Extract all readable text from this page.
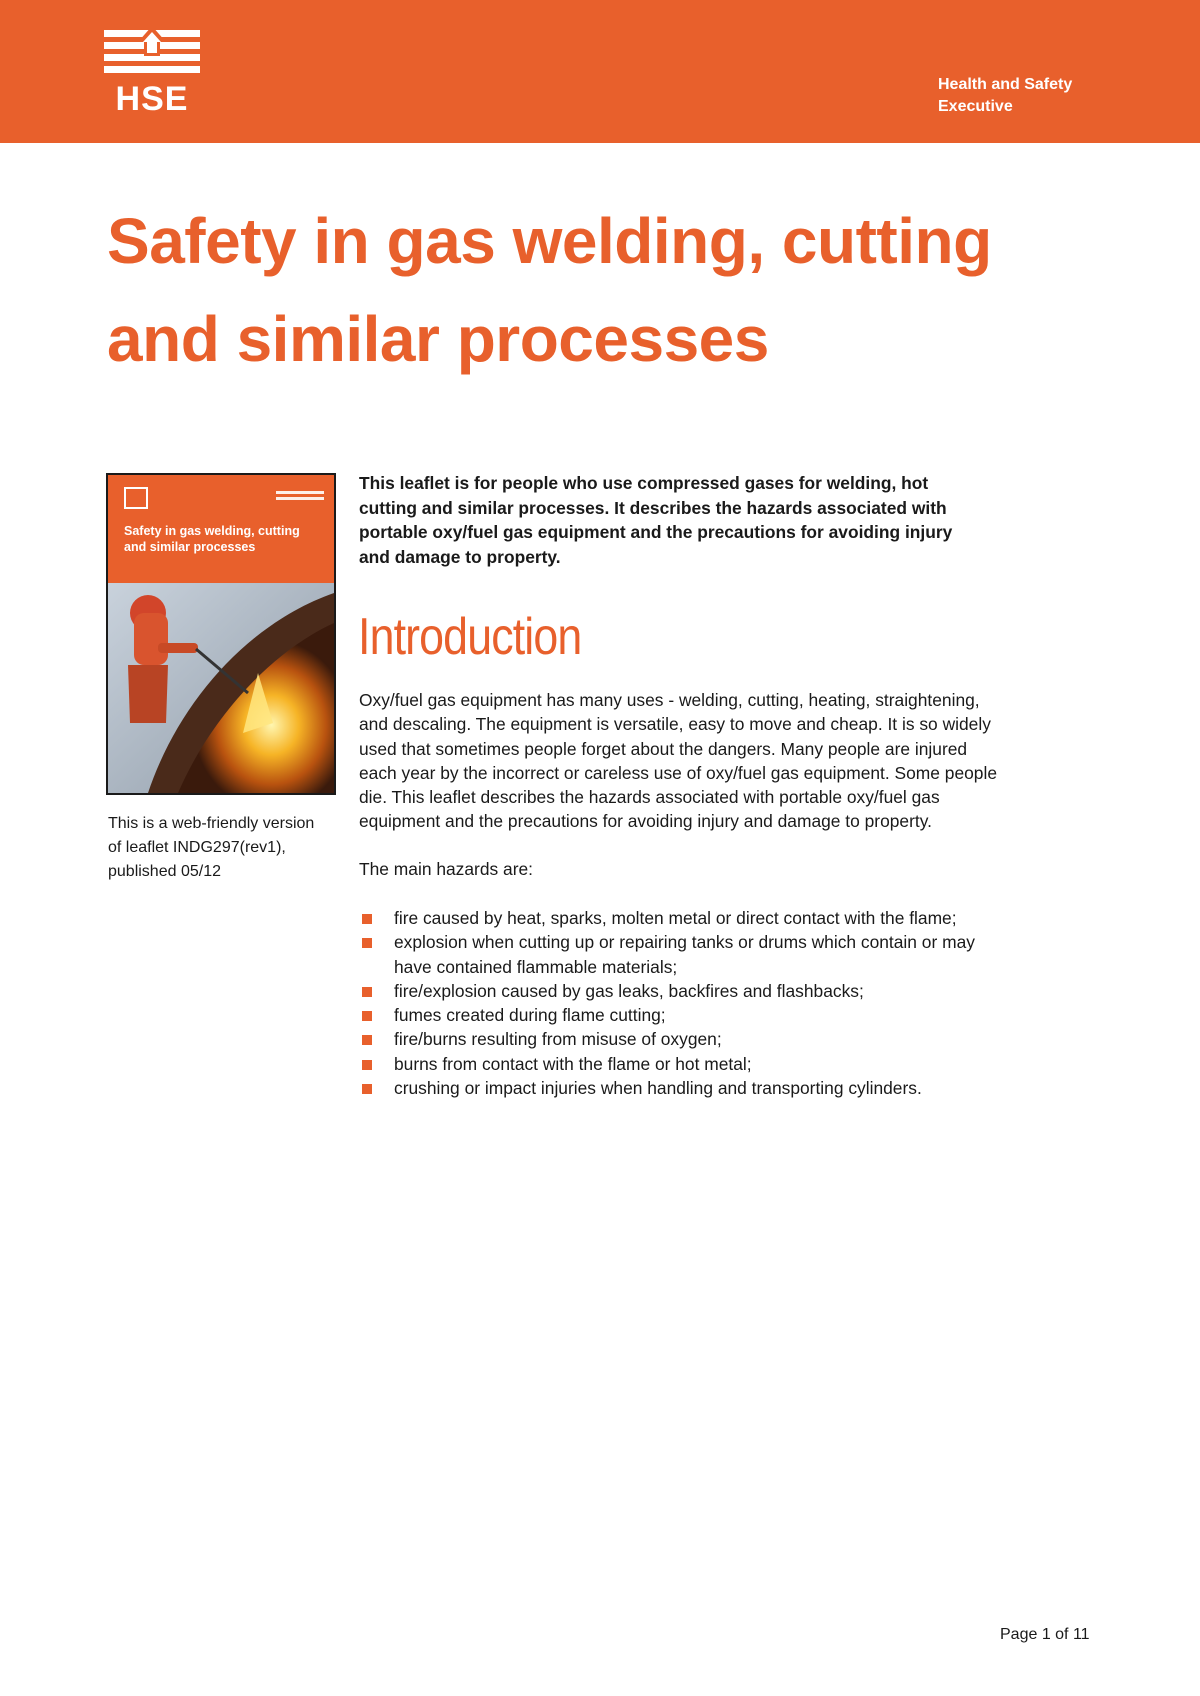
HSE	Health and Safety
Executive
Safety in gas welding, cutting
and similar processes
Safety in gas welding, cutting
and similar processes
This is a web-friendly version
of leaflet INDG297(rev1),
published 05/12
This leaflet is for people who use compressed gases for welding, hot
cutting and similar processes. It describes the hazards associated with
portable oxy/fuel gas equipment and the precautions for avoiding injury
and damage to property.
Introduction
Oxy/fuel gas equipment has many uses - welding, cutting, heating, straightening,
and descaling. The equipment is versatile, easy to move and cheap. It is so widely
used that sometimes people forget about the dangers. Many people are injured
each year by the incorrect or careless use of oxy/fuel gas equipment. Some people
die. This leaflet describes the hazards associated with portable oxy/fuel gas
equipment and the precautions for avoiding injury and damage to property.
The main hazards are:
fire caused by heat, sparks, molten metal or direct contact with the flame;
explosion when cutting up or repairing tanks or drums which contain or may
have contained flammable materials;
fire/explosion caused by gas leaks, backfires and flashbacks;
fumes created during flame cutting;
fire/burns resulting from misuse of oxygen;
burns from contact with the flame or hot metal;
crushing or impact injuries when handling and transporting cylinders.
Page 1 of 11
